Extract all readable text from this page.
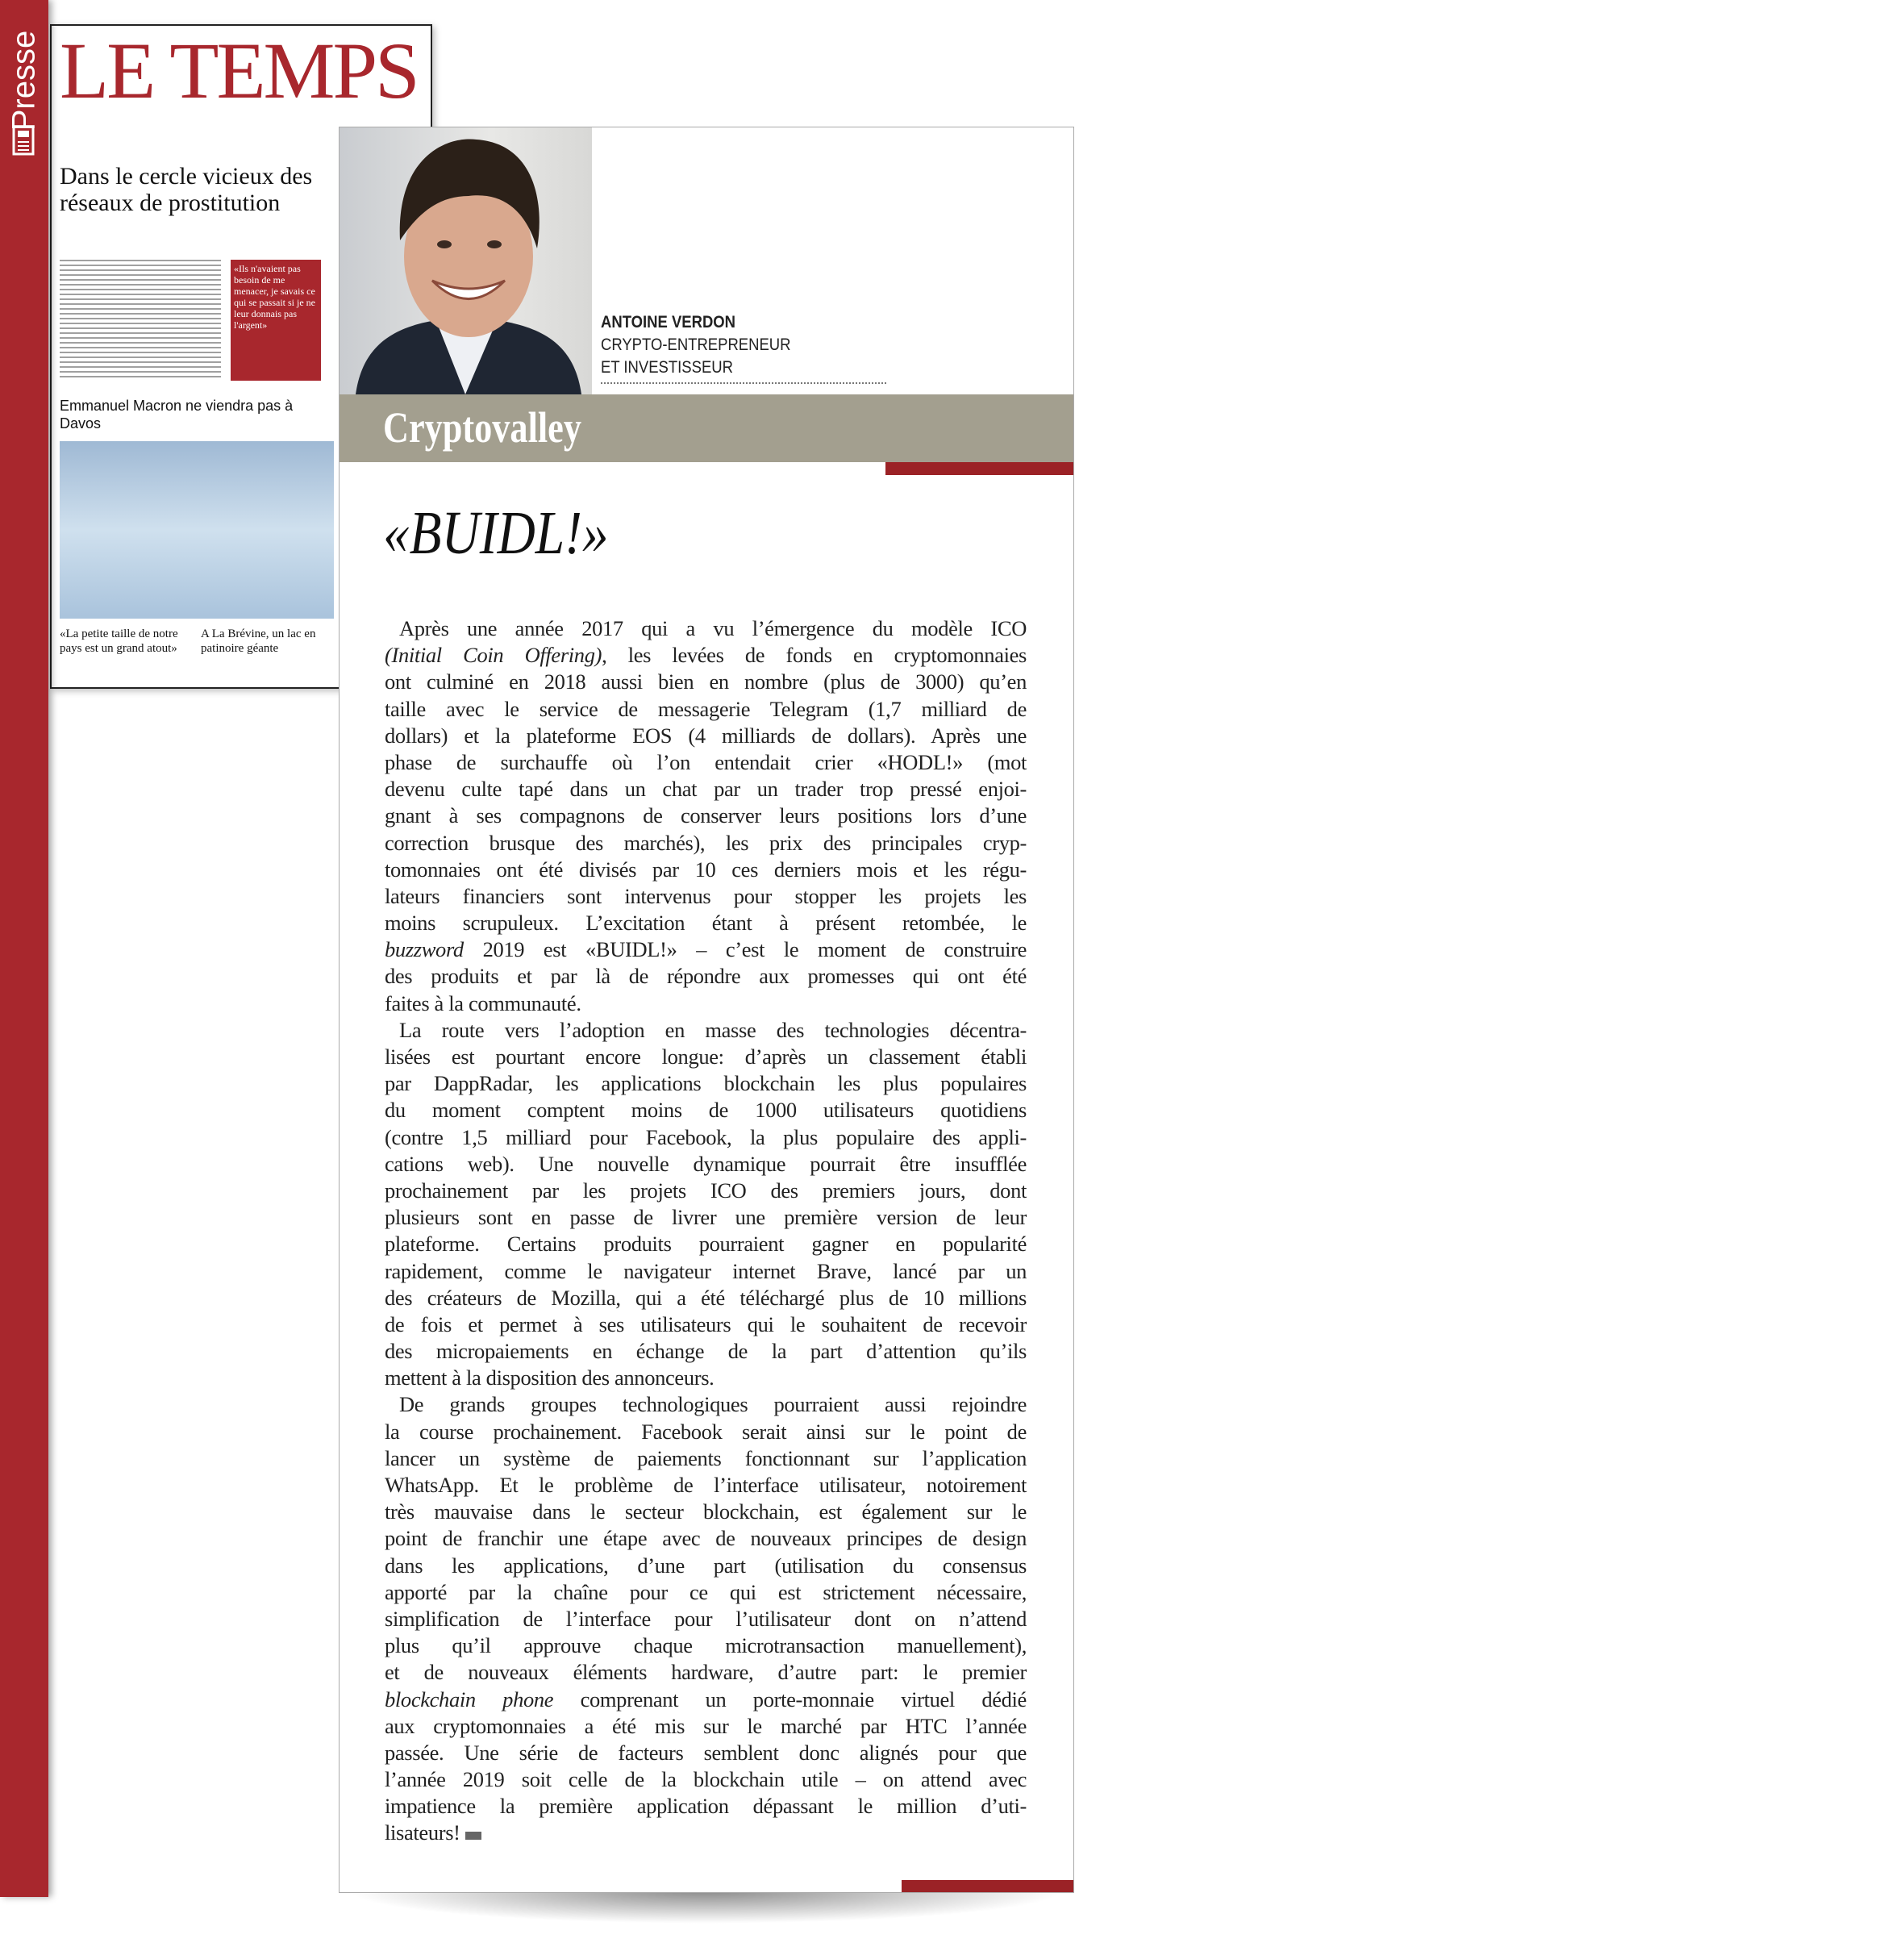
Presse LE TEMPS
Dans le cercle vicieux des réseaux de prostitution
«Ils n'avaient pas besoin de me menacer, je savais ce qui se passait si je ne leur donnais pas l'argent»
Emmanuel Macron ne viendra pas à Davos
«La petite taille de notre pays est un grand atout»
A La Brévine, un lac en patinoire géante
ANTOINE VERDON
CRYPTO-ENTREPRENEUR
ET INVESTISSEUR
Cryptovalley
«BUIDL!»
Après une année 2017 qui a vu l’émergence du modèle ICO
(Initial Coin Offering), les levées de fonds en cryptomonnaies
ont culminé en 2018 aussi bien en nombre (plus de 3000) qu’en
taille avec le service de messagerie Telegram (1,7 milliard de
dollars) et la plateforme EOS (4 milliards de dollars). Après une
phase de surchauffe où l’on entendait crier «HODL!» (mot
devenu culte tapé dans un chat par un trader trop pressé enjoi-
gnant à ses compagnons de conserver leurs positions lors d’une
correction brusque des marchés), les prix des principales cryp-
tomonnaies ont été divisés par 10 ces derniers mois et les régu-
lateurs financiers sont intervenus pour stopper les projets les
moins scrupuleux. L’excitation étant à présent retombée, le
buzzword 2019 est «BUIDL!» – c’est le moment de construire
des produits et par là de répondre aux promesses qui ont été
faites à la communauté.
La route vers l’adoption en masse des technologies décentra-
lisées est pourtant encore longue: d’après un classement établi
par DappRadar, les applications blockchain les plus populaires
du moment comptent moins de 1000 utilisateurs quotidiens
(contre 1,5 milliard pour Facebook, la plus populaire des appli-
cations web). Une nouvelle dynamique pourrait être insufflée
prochainement par les projets ICO des premiers jours, dont
plusieurs sont en passe de livrer une première version de leur
plateforme. Certains produits pourraient gagner en popularité
rapidement, comme le navigateur internet Brave, lancé par un
des créateurs de Mozilla, qui a été téléchargé plus de 10 millions
de fois et permet à ses utilisateurs qui le souhaitent de recevoir
des micropaiements en échange de la part d’attention qu’ils
mettent à la disposition des annonceurs.
De grands groupes technologiques pourraient aussi rejoindre
la course prochainement. Facebook serait ainsi sur le point de
lancer un système de paiements fonctionnant sur l’application
WhatsApp. Et le problème de l’interface utilisateur, notoirement
très mauvaise dans le secteur blockchain, est également sur le
point de franchir une étape avec de nouveaux principes de design
dans les applications, d’une part (utilisation du consensus
apporté par la chaîne pour ce qui est strictement nécessaire,
simplification de l’interface pour l’utilisateur dont on n’attend
plus qu’il approuve chaque microtransaction manuellement),
et de nouveaux éléments hardware, d’autre part: le premier
blockchain phone comprenant un porte-monnaie virtuel dédié
aux cryptomonnaies a été mis sur le marché par HTC l’année
passée. Une série de facteurs semblent donc alignés pour que
l’année 2019 soit celle de la blockchain utile – on attend avec
impatience la première application dépassant le million d’uti-
lisateurs!
